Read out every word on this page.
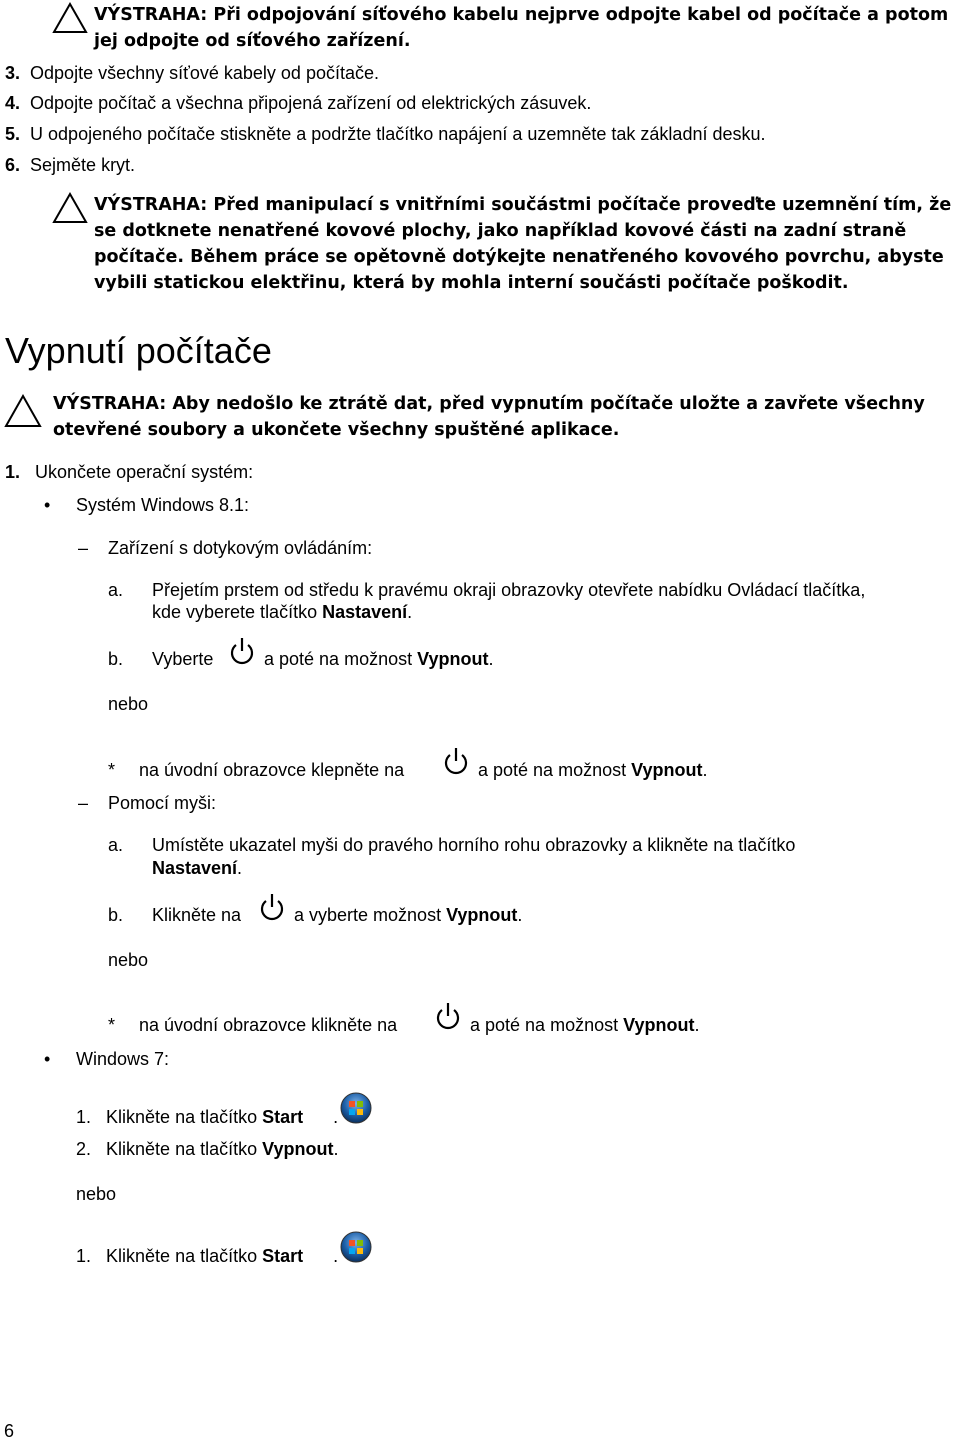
VÝSTRAHA: Při odpojování síťového kabelu nejprve odpojte kabel od počítače a potom jej odpojte od síťového zařízení.
3. Odpojte všechny síťové kabely od počítače.
4. Odpojte počítač a všechna připojená zařízení od elektrických zásuvek.
5. U odpojeného počítače stiskněte a podržte tlačítko napájení a uzemněte tak základní desku.
6. Sejměte kryt.
VÝSTRAHA: Před manipulací s vnitřními součástmi počítače proveďte uzemnění tím, že se dotknete nenatřené kovové plochy, jako například kovové části na zadní straně počítače. Během práce se opětovně dotýkejte nenatřeného kovového povrchu, abyste vybili statickou elektřinu, která by mohla interní součásti počítače poškodit.
Vypnutí počítače
VÝSTRAHA: Aby nedošlo ke ztrátě dat, před vypnutím počítače uložte a zavřete všechny otevřené soubory a ukončete všechny spuštěné aplikace.
1. Ukončete operační systém:
• Systém Windows 8.1:
– Zařízení s dotykovým ovládáním:
a. Přejetím prstem od středu k pravému okraji obrazovky otevřete nabídku Ovládací tlačítka,
kde vyberete tlačítko Nastavení.
b. Vyberte	a poté na možnost Vypnout.
nebo
* na úvodní obrazovce klepněte na	a poté na možnost Vypnout.
– Pomocí myši:
a. Umístěte ukazatel myši do pravého horního rohu obrazovky a klikněte na tlačítko
Nastavení.
b. Klikněte na	a vyberte možnost Vypnout.
nebo
* na úvodní obrazovce klikněte na	a poté na možnost Vypnout.
• Windows 7:
1. Klikněte na tlačítko Start .
2. Klikněte na tlačítko Vypnout.
nebo
1. Klikněte na tlačítko Start .
6
